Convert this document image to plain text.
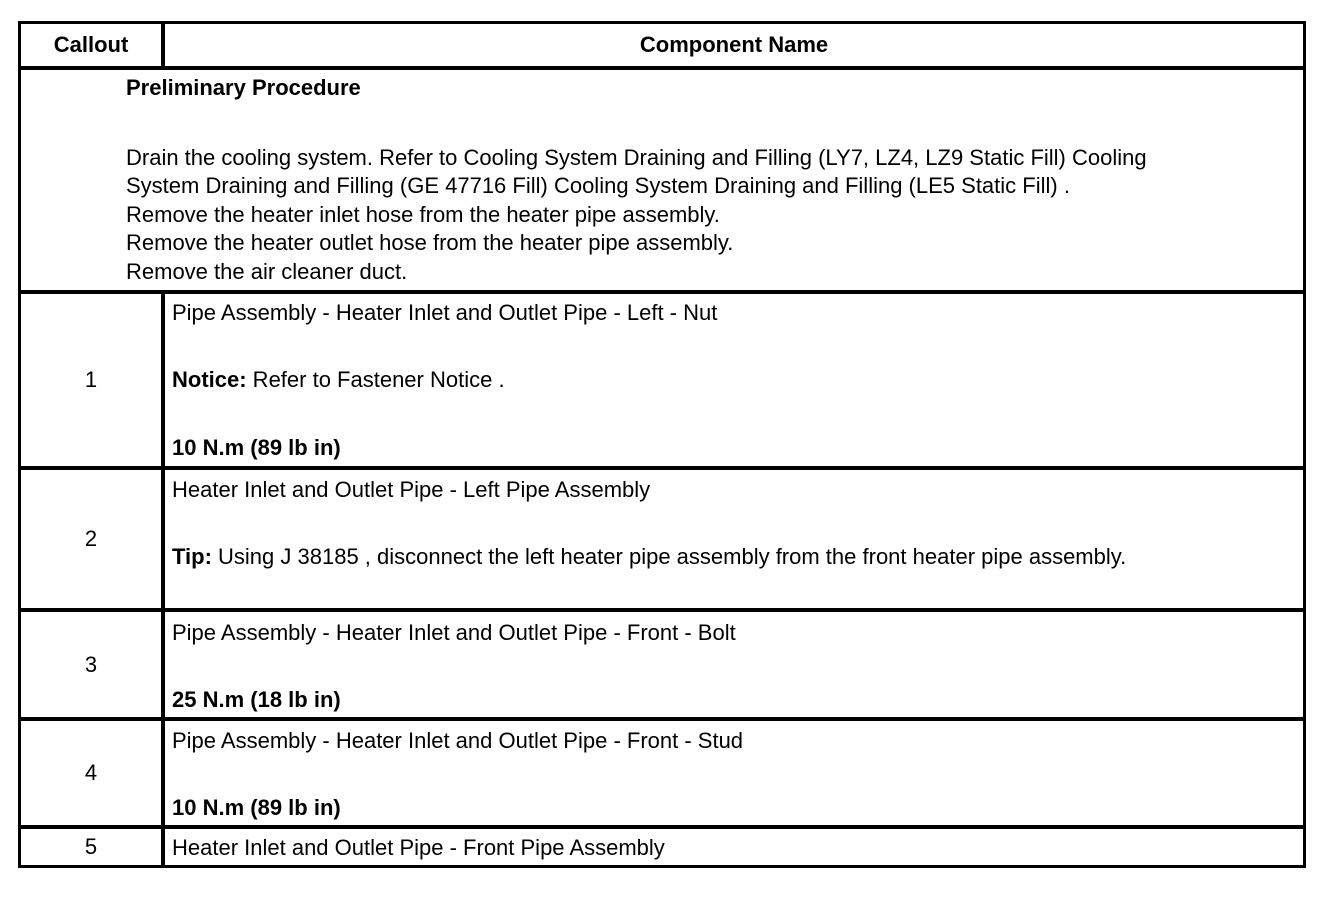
Callout	Component Name
Preliminary Procedure
Drain the cooling system. Refer to Cooling System Draining and Filling (LY7, LZ4, LZ9 Static Fill) Cooling
System Draining and Filling (GE 47716 Fill) Cooling System Draining and Filling (LE5 Static Fill) .
Remove the heater inlet hose from the heater pipe assembly.
Remove the heater outlet hose from the heater pipe assembly.
Remove the air cleaner duct.
1
Pipe Assembly - Heater Inlet and Outlet Pipe - Left - Nut
Notice: Refer to Fastener Notice .
10 N.m (89 lb in)
2
Heater Inlet and Outlet Pipe - Left Pipe Assembly
Tip: Using J 38185 , disconnect the left heater pipe assembly from the front heater pipe assembly.
3
Pipe Assembly - Heater Inlet and Outlet Pipe - Front - Bolt
25 N.m (18 lb in)
4
Pipe Assembly - Heater Inlet and Outlet Pipe - Front - Stud
10 N.m (89 lb in)
5	Heater Inlet and Outlet Pipe - Front Pipe Assembly
